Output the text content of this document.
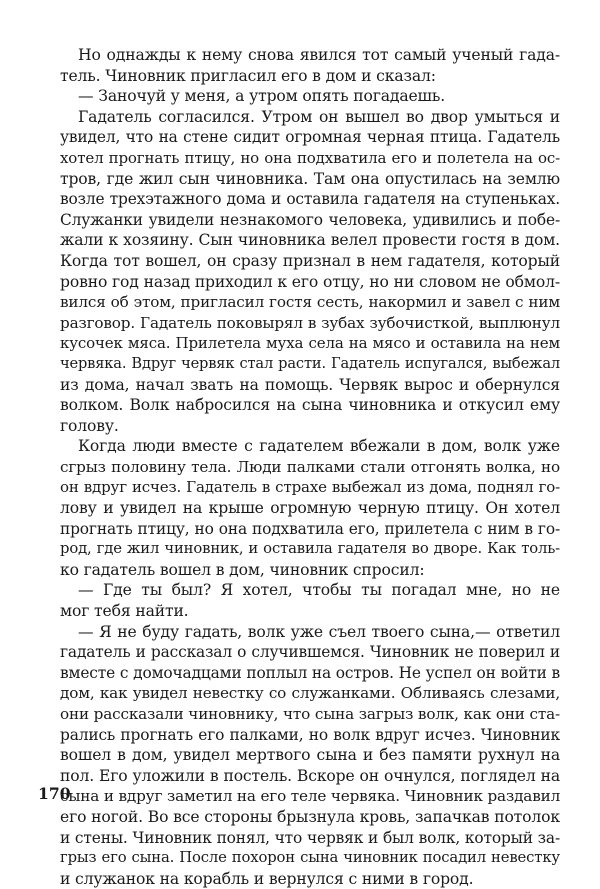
Но однажды к нему снова явился тот самый ученый гада-
тель. Чиновник пригласил его в дом и сказал:
— Заночуй у меня, а утром опять погадаешь.
Гадатель согласился. Утром он вышел во двор умыться и
увидел, что на стене сидит огромная черная птица. Гадатель
хотел прогнать птицу, но она подхватила его и полетела на ос-
тров, где жил сын чиновника. Там она опустилась на землю
возле трехэтажного дома и оставила гадателя на ступеньках.
Служанки увидели незнакомого человека, удивились и побе-
жали к хозяину. Сын чиновника велел провести гостя в дом.
Когда тот вошел, он сразу признал в нем гадателя, который
ровно год назад приходил к его отцу, но ни словом не обмол-
вился об этом, пригласил гостя сесть, накормил и завел с ним
разговор. Гадатель поковырял в зубах зубочисткой, выплюнул
кусочек мяса. Прилетела муха села на мясо и оставила на нем
червяка. Вдруг червяк стал расти. Гадатель испугался, выбежал
из дома, начал звать на помощь. Червяк вырос и обернулся
волком. Волк набросился на сына чиновника и откусил ему
голову.
Когда люди вместе с гадателем вбежали в дом, волк уже
сгрыз половину тела. Люди палками стали отгонять волка, но
он вдруг исчез. Гадатель в страхе выбежал из дома, поднял го-
лову и увидел на крыше огромную черную птицу. Он хотел
прогнать птицу, но она подхватила его, прилетела с ним в го-
род, где жил чиновник, и оставила гадателя во дворе. Как толь-
ко гадатель вошел в дом, чиновник спросил:
— Где ты был? Я хотел, чтобы ты погадал мне, но не
мог тебя найти.
— Я не буду гадать, волк уже съел твоего сына,— ответил
гадатель и рассказал о случившемся. Чиновник не поверил и
вместе с домочадцами поплыл на остров. Не успел он войти в
дом, как увидел невестку со служанками. Обливаясь слезами,
они рассказали чиновнику, что сына загрыз волк, как они ста-
рались прогнать его палками, но волк вдруг исчез. Чиновник
вошел в дом, увидел мертвого сына и без памяти рухнул на
пол. Его уложили в постель. Вскоре он очнулся, поглядел на
сына и вдруг заметил на его теле червяка. Чиновник раздавил
его ногой. Во все стороны брызнула кровь, запачкав потолок
и стены. Чиновник понял, что червяк и был волк, который за-
грыз его сына. После похорон сына чиновник посадил невестку
и служанок на корабль и вернулся с ними в город.
170
